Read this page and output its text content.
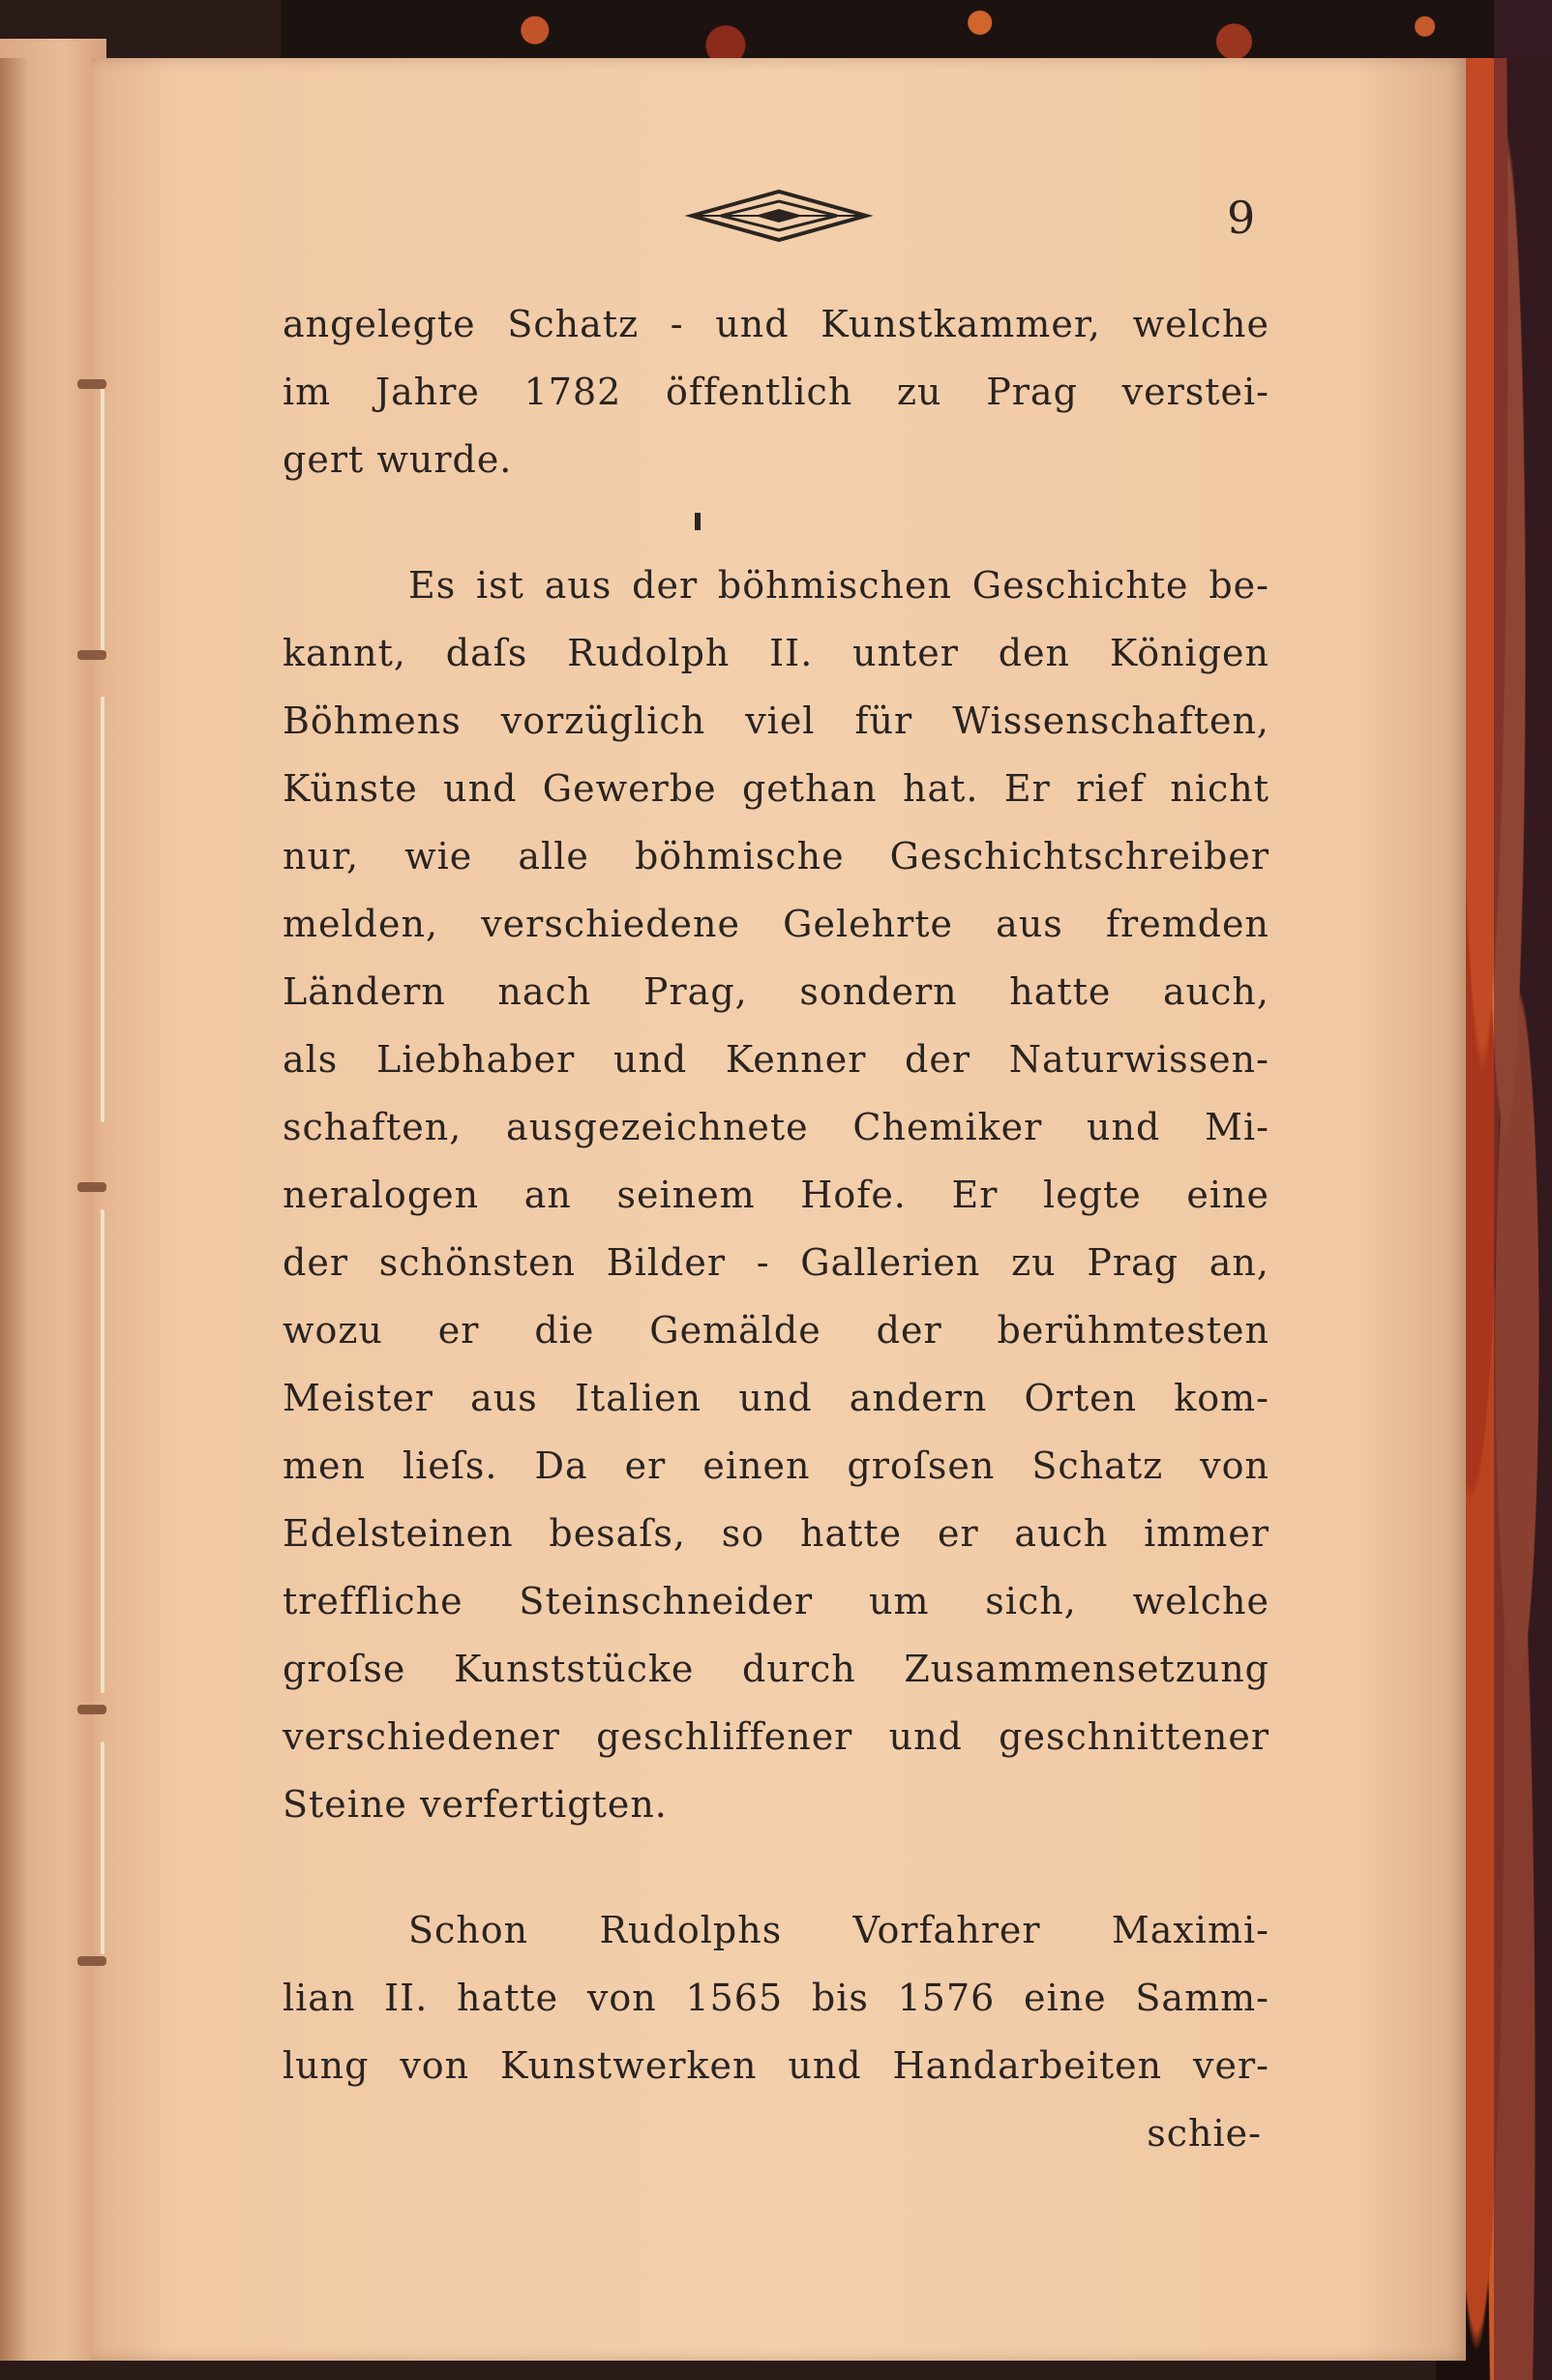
9
angelegte Schatz - und Kunstkammer, welche
im Jahre 1782 öffentlich zu Prag verstei-
gert wurde.
Es ist aus der böhmischen Geschichte be-
kannt, daſs Rudolph II. unter den Königen
Böhmens vorzüglich viel für Wissenschaften,
Künste und Gewerbe gethan hat. Er rief nicht
nur, wie alle böhmische Geschichtschreiber
melden, verschiedene Gelehrte aus fremden
Ländern nach Prag, sondern hatte auch,
als Liebhaber und Kenner der Naturwissen-
schaften, ausgezeichnete Chemiker und Mi-
neralogen an seinem Hofe. Er legte eine
der schönsten Bilder - Gallerien zu Prag an,
wozu er die Gemälde der berühmtesten
Meister aus Italien und andern Orten kom-
men lieſs. Da er einen groſsen Schatz von
Edelsteinen besaſs, so hatte er auch immer
treffliche Steinschneider um sich, welche
groſse Kunststücke durch Zusammensetzung
verschiedener geschliffener und geschnittener
Steine verfertigten.
Schon Rudolphs Vorfahrer Maximi-
lian II. hatte von 1565 bis 1576 eine Samm-
lung von Kunstwerken und Handarbeiten ver-
schie-
